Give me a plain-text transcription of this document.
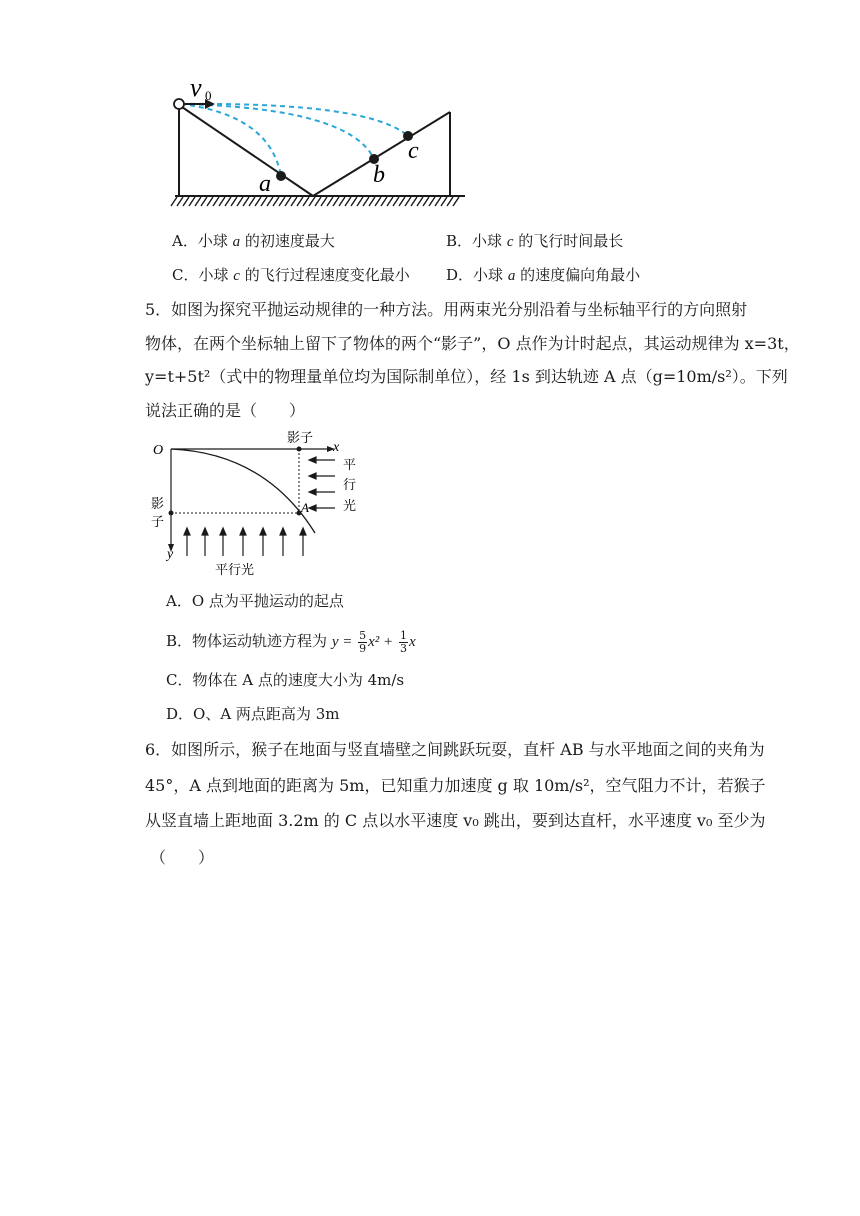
v 0
a	b
c
A．小球 a 的初速度最大	B．小球 c 的飞行时间最长
C．小球 c 的飞行过程速度变化最小 D．小球 a 的速度偏向角最小
5．如图为探究平抛运动规律的一种方法。用两束光分别沿着与坐标轴平行的方向照射
物体，在两个坐标轴上留下了物体的两个“影子”，O 点作为计时起点，其运动规律为 x=3t，
y=t+5t²（式中的物理量单位均为国际制单位），经 1s 到达轨迹 A 点（g=10m/s²）。下列
说法正确的是（　　）
O	x
y
A
影子
影
子
平
行
光
平行光
A．O 点为平抛运动的起点
B．物体运动轨迹方程为 $y = \frac{5}{9} x^2 + \frac{1}{3}$ x
C．物体在 A 点的速度大小为 4m/s
D．O、A 两点距高为 3m
6．如图所示，猴子在地面与竖直墙壁之间跳跃玩耍，直杆 AB 与水平地面之间的夹角为
45°，A 点到地面的距离为 5m，已知重力加速度 g 取 10m/s²，空气阻力不计，若猴子
从竖直墙上距地面 3.2m 的 C 点以水平速度 v₀ 跳出，要到达直杆，水平速度 v₀ 至少为
（　　）
